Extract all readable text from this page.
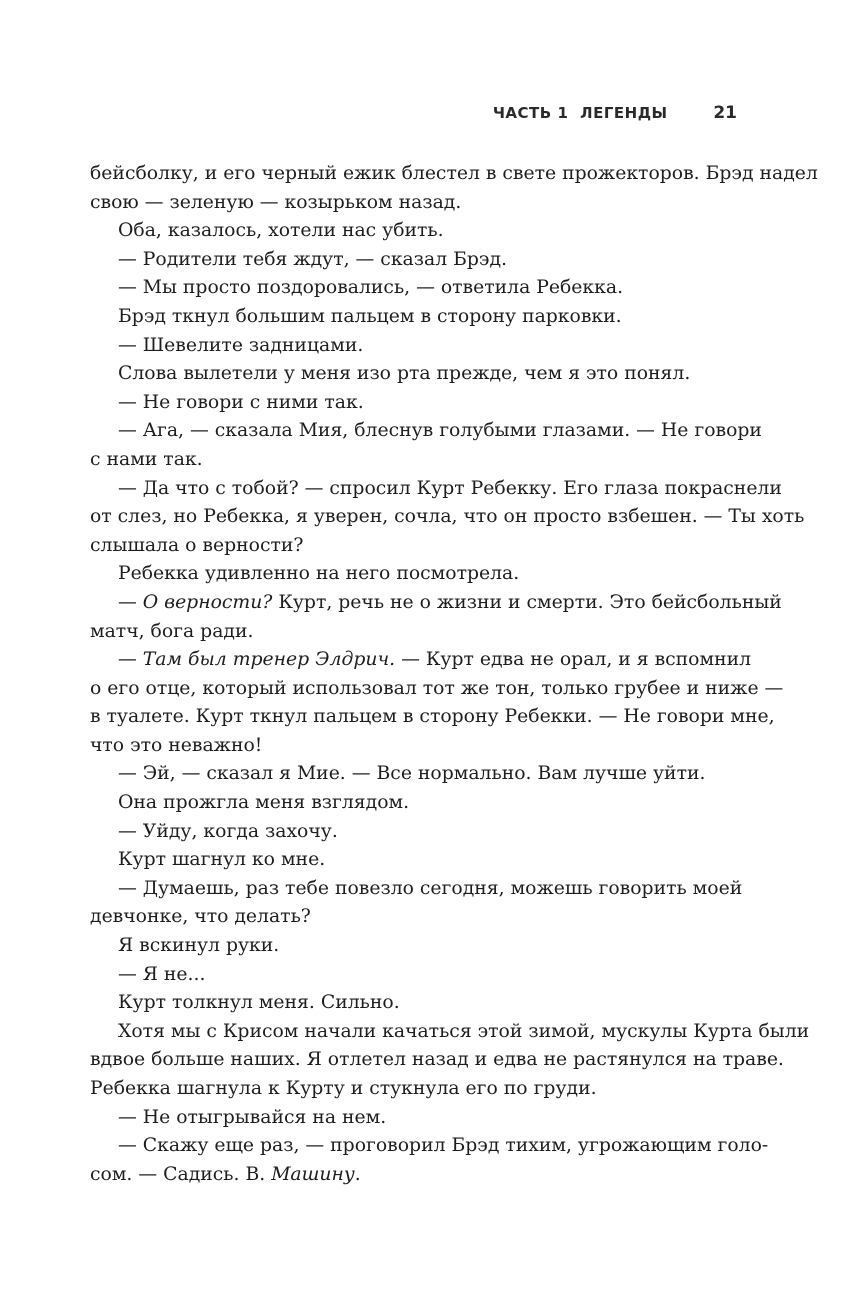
ЧАСТЬ 1 ЛЕГЕНДЫ	21
бейсболку, и его черный ежик блестел в свете прожекторов. Брэд надел
свою — зеленую — козырьком назад.
Оба, казалось, хотели нас убить.
— Родители тебя ждут, — сказал Брэд.
— Мы просто поздоровались, — ответила Ребекка.
Брэд ткнул большим пальцем в сторону парковки.
— Шевелите задницами.
Слова вылетели у меня изо рта прежде, чем я это понял.
— Не говори с ними так.
— Ага, — сказала Мия, блеснув голубыми глазами. — Не говори
с нами так.
— Да что с тобой? — спросил Курт Ребекку. Его глаза покраснели
от слез, но Ребекка, я уверен, сочла, что он просто взбешен. — Ты хоть
слышала о верности?
Ребекка удивленно на него посмотрела.
— О верности? Курт, речь не о жизни и смерти. Это бейсбольный
матч, бога ради.
— Там был тренер Элдрич. — Курт едва не орал, и я вспомнил
о его отце, который использовал тот же тон, только грубее и ниже —
в туалете. Курт ткнул пальцем в сторону Ребекки. — Не говори мне,
что это неважно!
— Эй, — сказал я Мие. — Все нормально. Вам лучше уйти.
Она прожгла меня взглядом.
— Уйду, когда захочу.
Курт шагнул ко мне.
— Думаешь, раз тебе повезло сегодня, можешь говорить моей
девчонке, что делать?
Я вскинул руки.
— Я не...
Курт толкнул меня. Сильно.
Хотя мы с Крисом начали качаться этой зимой, мускулы Курта были
вдвое больше наших. Я отлетел назад и едва не растянулся на траве.
Ребекка шагнула к Курту и стукнула его по груди.
— Не отыгрывайся на нем.
— Скажу еще раз, — проговорил Брэд тихим, угрожающим голо-
сом. — Садись. В. Машину.
